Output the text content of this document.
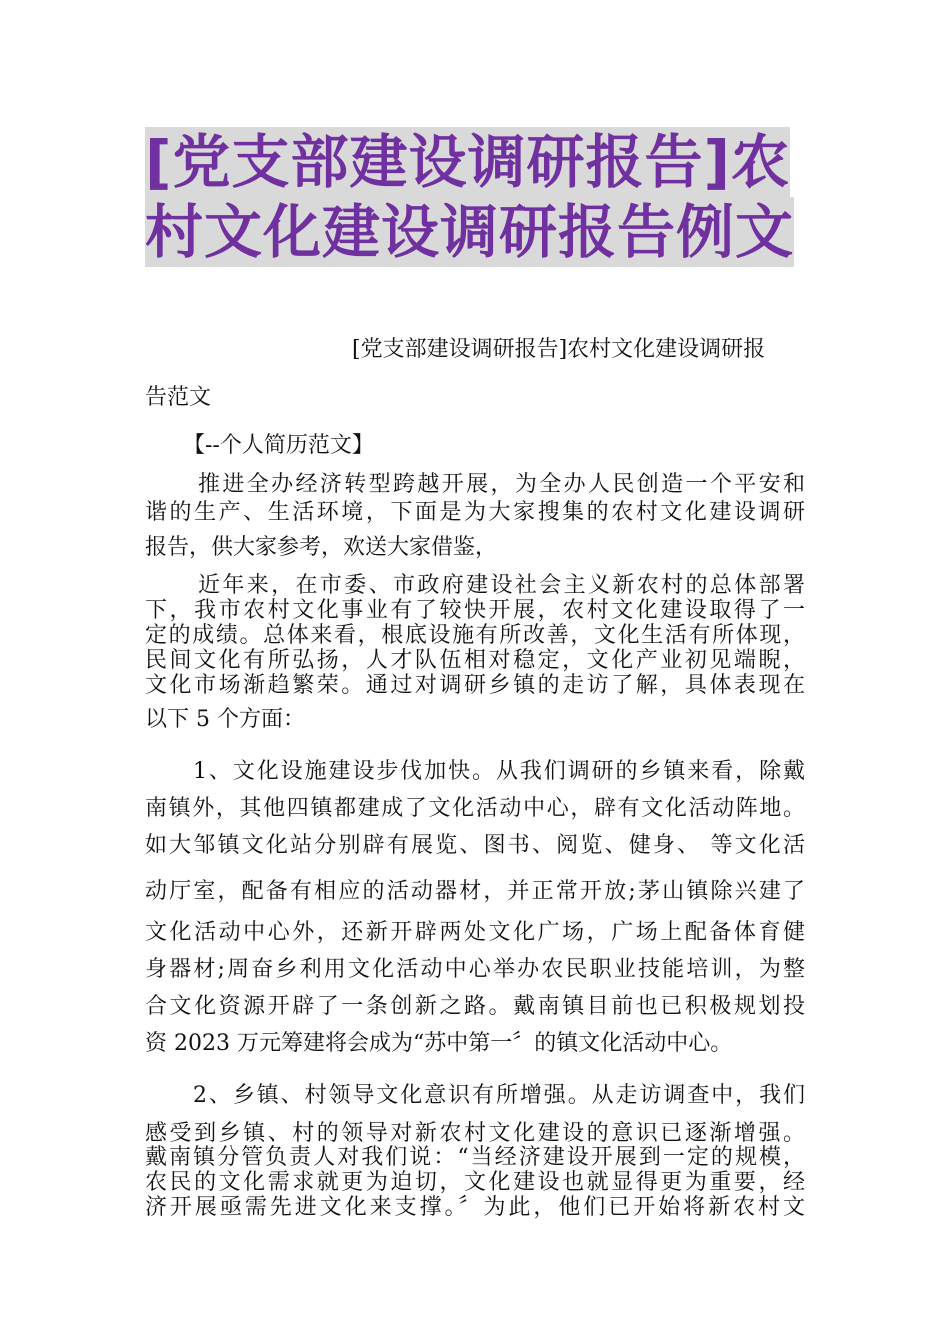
[党支部建设调研报告]农
村文化建设调研报告例文
[党支部建设调研报告]农村文化建设调研报
告范文
【--个人简历范文】
推进全办经济转型跨越开展，为全办人民创造一个平安和
谐的生产、生活环境，下面是为大家搜集的农村文化建设调研
报告，供大家参考，欢送大家借鉴，
近年来，在市委、市政府建设社会主义新农村的总体部署
下，我市农村文化事业有了较快开展，农村文化建设取得了一
定的成绩。总体来看，根底设施有所改善，文化生活有所体现，
民间文化有所弘扬，人才队伍相对稳定，文化产业初见端睨，
文化市场渐趋繁荣。通过对调研乡镇的走访了解，具体表现在
以下 5 个方面：
1、文化设施建设步伐加快。从我们调研的乡镇来看，除戴
南镇外，其他四镇都建成了文化活动中心，辟有文化活动阵地。
如大邹镇文化站分别辟有展览、图书、阅览、健身、 等文化活
动厅室，配备有相应的活动器材，并正常开放;茅山镇除兴建了
文化活动中心外，还新开辟两处文化广场，广场上配备体育健
身器材;周奋乡利用文化活动中心举办农民职业技能培训，为整
合文化资源开辟了一条创新之路。戴南镇目前也已积极规划投
资 2023 万元筹建将会成为“苏中第一〞的镇文化活动中心。
2、乡镇、村领导文化意识有所增强。从走访调查中，我们
感受到乡镇、村的领导对新农村文化建设的意识已逐渐增强。
戴南镇分管负责人对我们说：“当经济建设开展到一定的规模，
农民的文化需求就更为迫切，文化建设也就显得更为重要，经
济开展亟需先进文化来支撑。〞为此，他们已开始将新农村文
